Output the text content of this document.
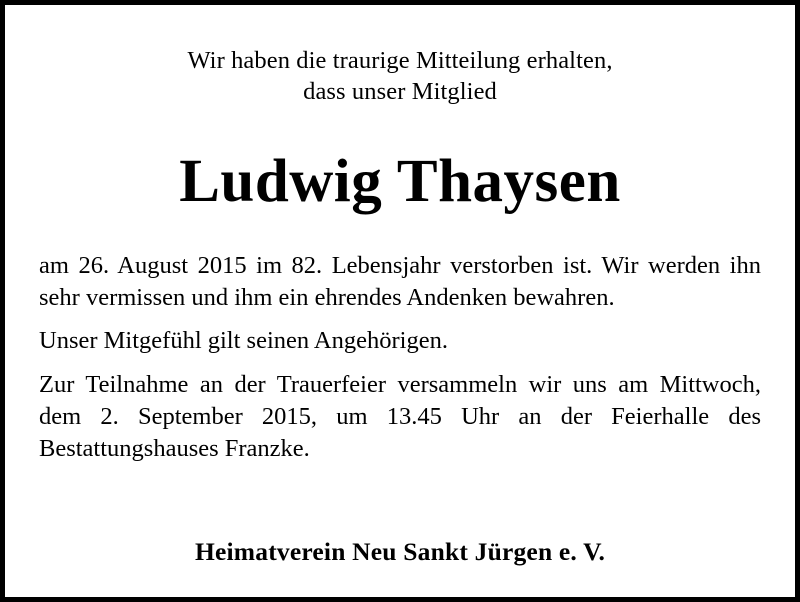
Wir haben die traurige Mitteilung erhalten,
dass unser Mitglied
Ludwig Thaysen

am 26. August 2015 im 82. Lebensjahr verstorben ist. Wir werden ihn sehr vermissen und ihm ein ehrendes Andenken bewahren.

Unser Mitgefühl gilt seinen Angehörigen.

Zur Teilnahme an der Trauerfeier versammeln wir uns am Mittwoch, dem 2. September 2015, um 13.45 Uhr an der Feierhalle des Bestattungshauses Franzke.

Heimatverein Neu Sankt Jürgen e. V.
